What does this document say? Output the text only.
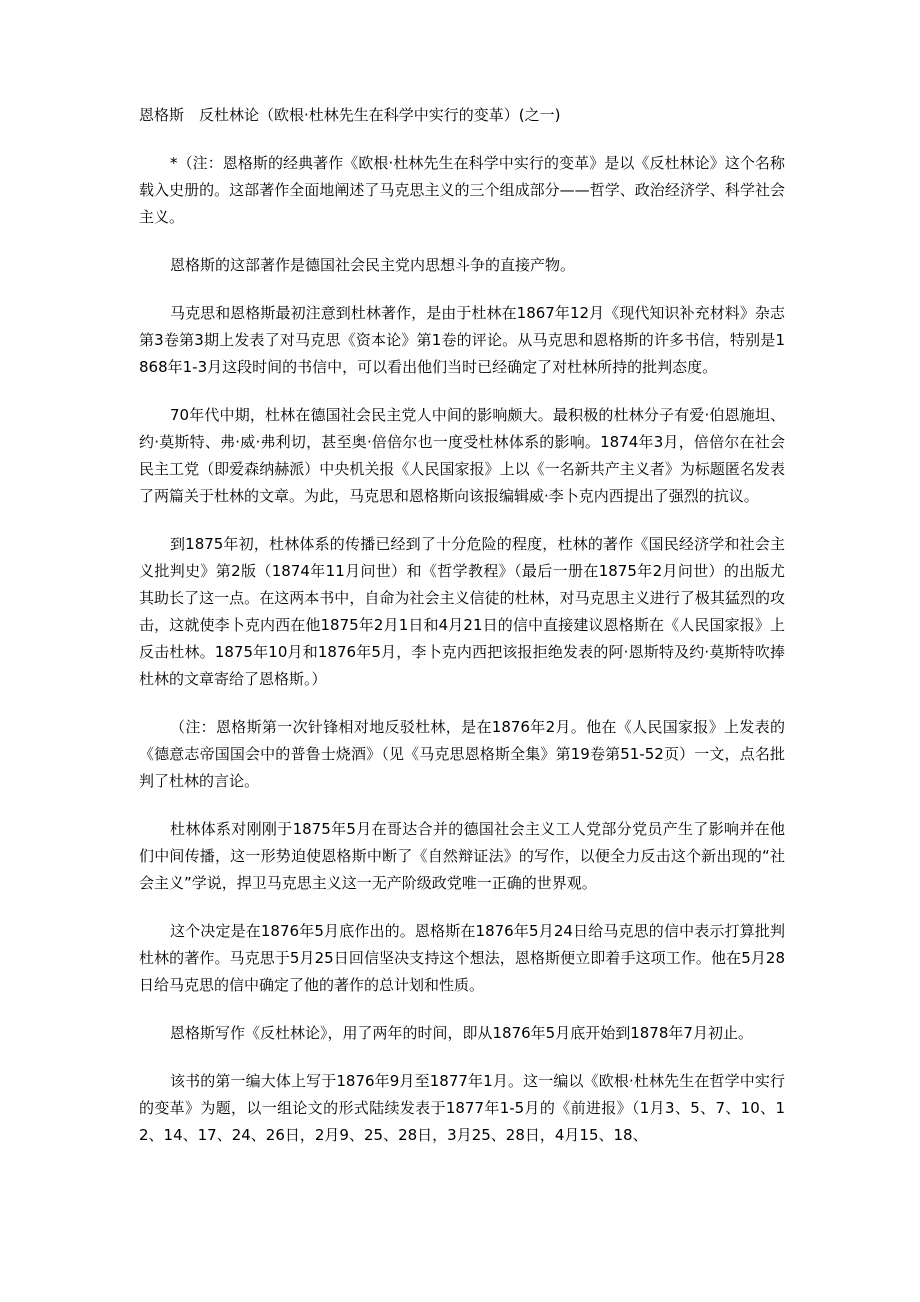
恩格斯　反杜林论（欧根·杜林先生在科学中实行的变革）(之一)

*（注：恩格斯的经典著作《欧根·杜林先生在科学中实行的变革》是以《反杜林论》这个名称载入史册的。这部著作全面地阐述了马克思主义的三个组成部分——哲学、政治经济学、科学社会主义。

恩格斯的这部著作是德国社会民主党内思想斗争的直接产物。

马克思和恩格斯最初注意到杜林著作，是由于杜林在1867年12月《现代知识补充材料》杂志第3卷第3期上发表了对马克思《资本论》第1卷的评论。从马克思和恩格斯的许多书信，特别是1868年1-3月这段时间的书信中，可以看出他们当时已经确定了对杜林所持的批判态度。

70年代中期，杜林在德国社会民主党人中间的影响颇大。最积极的杜林分子有爱·伯恩施坦、约·莫斯特、弗·威·弗利切，甚至奥·倍倍尔也一度受杜林体系的影响。1874年3月，倍倍尔在社会民主工党（即爱森纳赫派）中央机关报《人民国家报》上以《一名新共产主义者》为标题匿名发表了两篇关于杜林的文章。为此，马克思和恩格斯向该报编辑威·李卜克内西提出了强烈的抗议。

到1875年初，杜林体系的传播已经到了十分危险的程度，杜林的著作《国民经济学和社会主义批判史》第2版（1874年11月问世）和《哲学教程》（最后一册在1875年2月问世）的出版尤其助长了这一点。在这两本书中，自命为社会主义信徒的杜林，对马克思主义进行了极其猛烈的攻击，这就使李卜克内西在他1875年2月1日和4月21日的信中直接建议恩格斯在《人民国家报》上反击杜林。1875年10月和1876年5月，李卜克内西把该报拒绝发表的阿·恩斯特及约·莫斯特吹捧杜林的文章寄给了恩格斯。）

（注：恩格斯第一次针锋相对地反驳杜林，是在1876年2月。他在《人民国家报》上发表的《德意志帝国国会中的普鲁士烧酒》（见《马克思恩格斯全集》第19卷第51-52页）一文，点名批判了杜林的言论。

杜林体系对刚刚于1875年5月在哥达合并的德国社会主义工人党部分党员产生了影响并在他们中间传播，这一形势迫使恩格斯中断了《自然辩证法》的写作，以便全力反击这个新出现的“社会主义”学说，捍卫马克思主义这一无产阶级政党唯一正确的世界观。

这个决定是在1876年5月底作出的。恩格斯在1876年5月24日给马克思的信中表示打算批判杜林的著作。马克思于5月25日回信坚决支持这个想法，恩格斯便立即着手这项工作。他在5月28日给马克思的信中确定了他的著作的总计划和性质。

恩格斯写作《反杜林论》，用了两年的时间，即从1876年5月底开始到1878年7月初止。

该书的第一编大体上写于1876年9月至1877年1月。这一编以《欧根·杜林先生在哲学中实行的变革》为题，以一组论文的形式陆续发表于1877年1-5月的《前进报》（1月3、5、7、10、12、14、17、24、26日，2月9、25、28日，3月25、28日，4月15、18、
